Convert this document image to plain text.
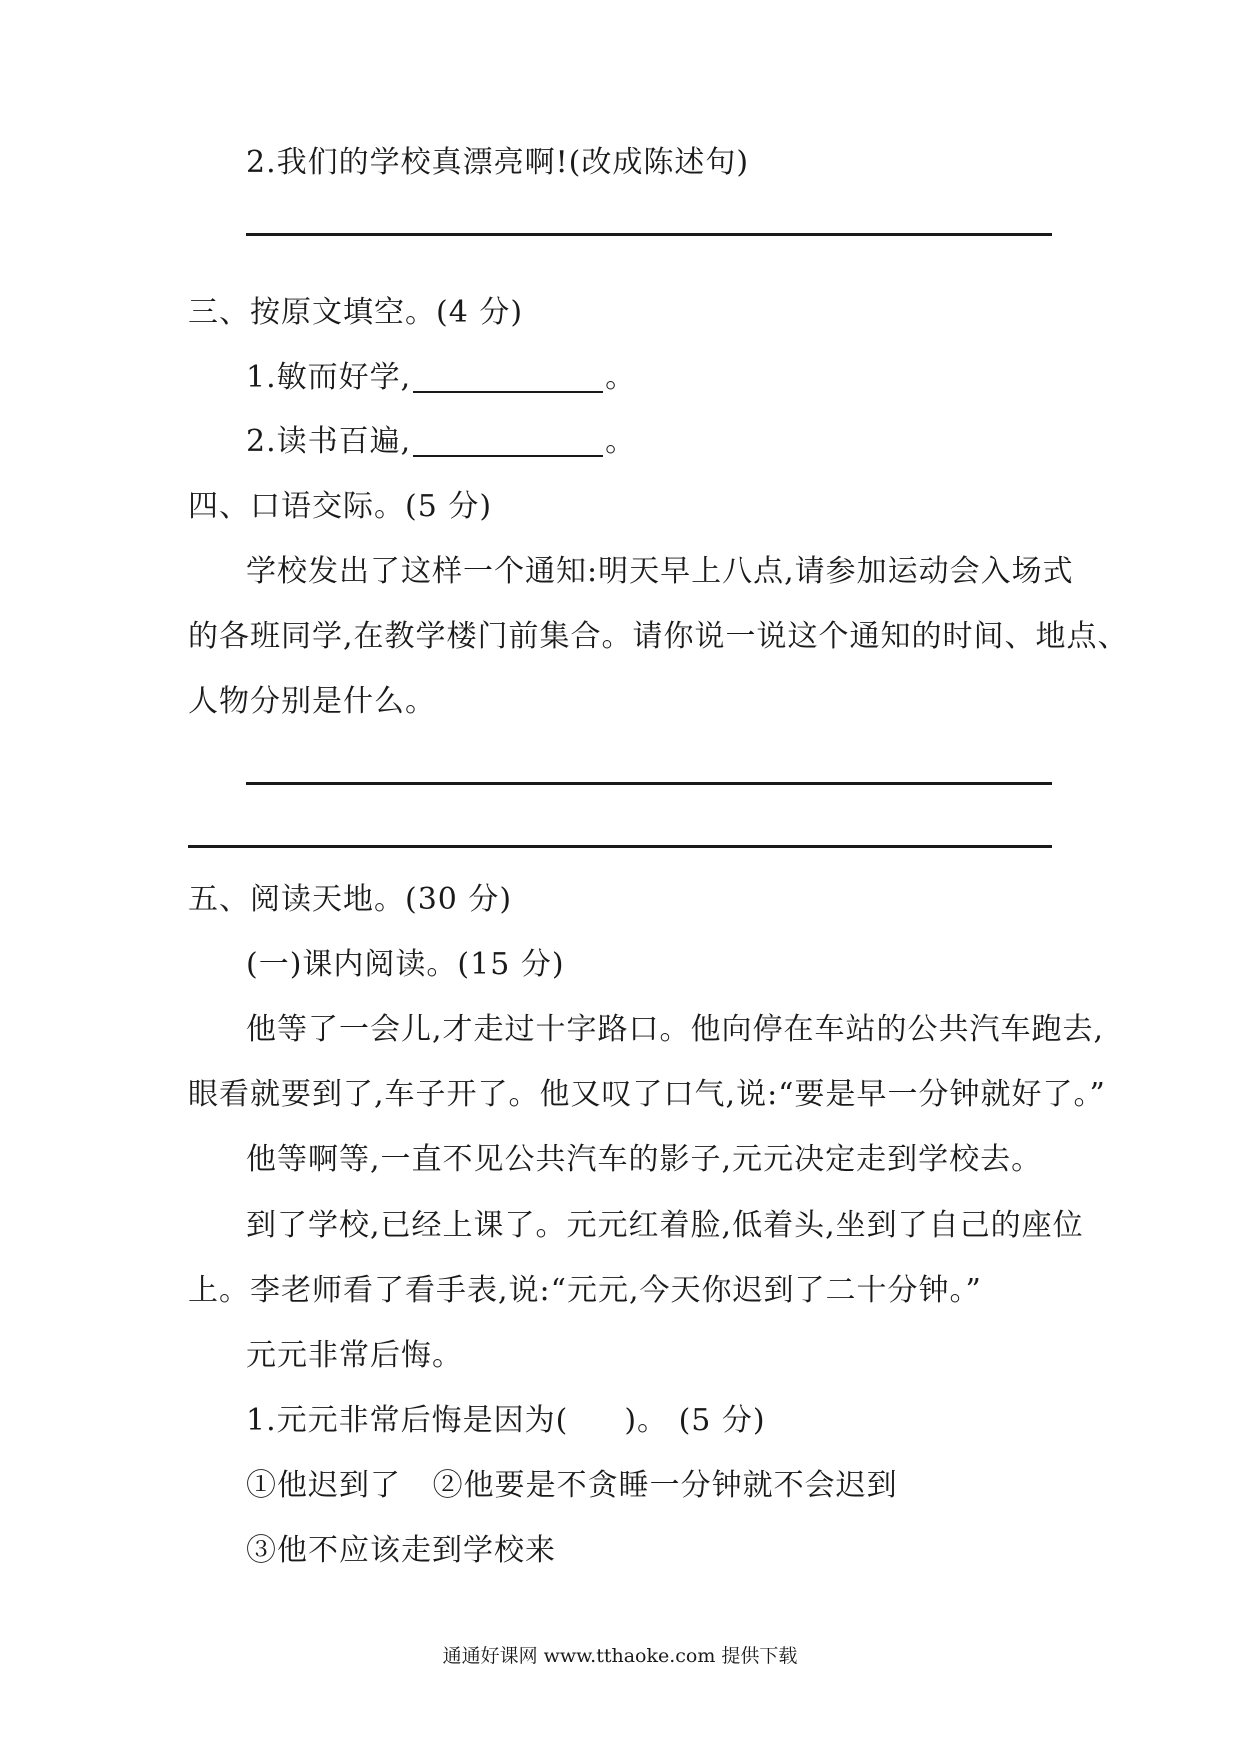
2.我们的学校真漂亮啊!(改成陈述句)
三、按原文填空。(4 分)
1.敏而好学,	。
2.读书百遍,	。
四、口语交际。(5 分)
学校发出了这样一个通知:明天早上八点,请参加运动会入场式
的各班同学,在教学楼门前集合。请你说一说这个通知的时间、地点、
人物分别是什么。
五、阅读天地。(30 分)
(一)课内阅读。(15 分)
他等了一会儿,才走过十字路口。他向停在车站的公共汽车跑去,
眼看就要到了,车子开了。他又叹了口气,说:“要是早一分钟就好了。”
他等啊等,一直不见公共汽车的影子,元元决定走到学校去。
到了学校,已经上课了。元元红着脸,低着头,坐到了自己的座位
上。李老师看了看手表,说:“元元,今天你迟到了二十分钟。”
元元非常后悔。
1.元元非常后悔是因为( )。 (5 分)
①他迟到了   ②他要是不贪睡一分钟就不会迟到
③他不应该走到学校来
通通好课网 www.tthaoke.com 提供下载
